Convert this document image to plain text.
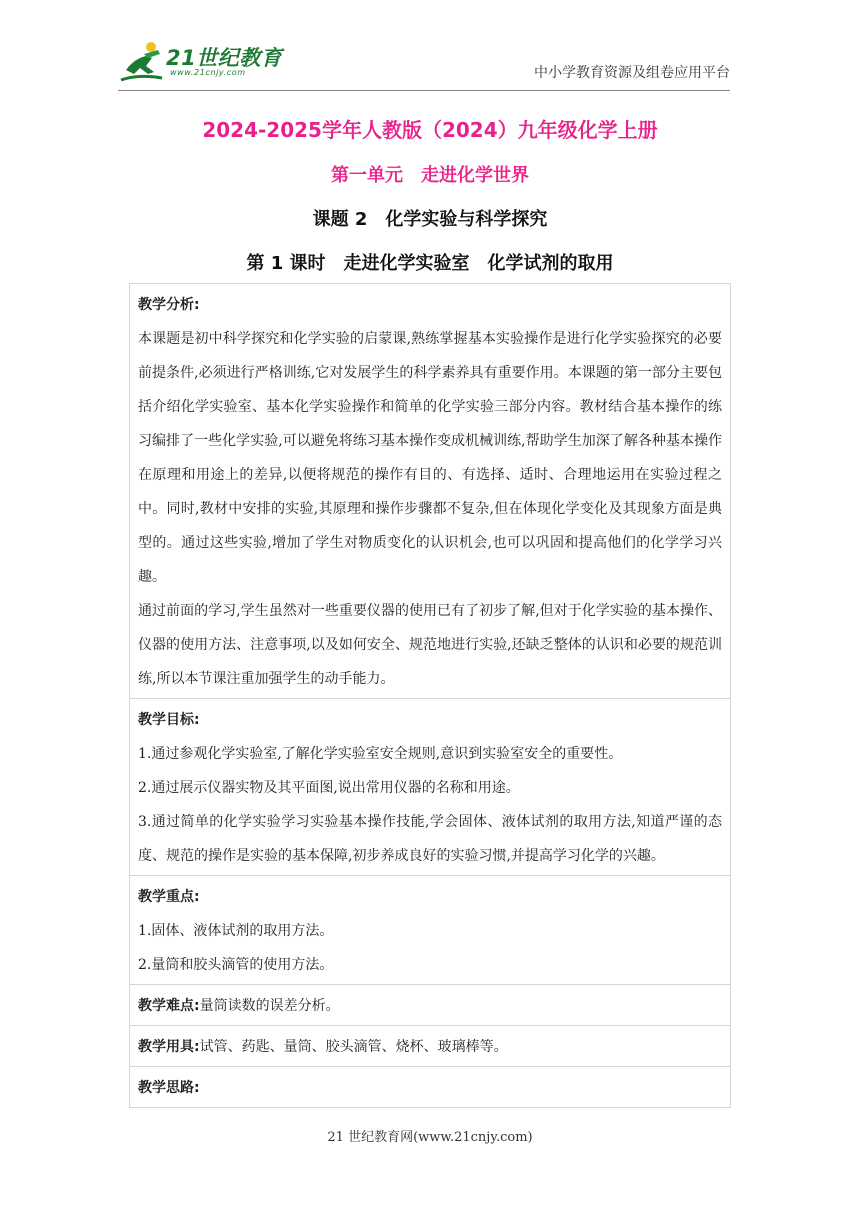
21世纪教育
www.21cnjy.com	中小学教育资源及组卷应用平台
2024-2025学年人教版（2024）九年级化学上册
第一单元　走进化学世界
课题 2　化学实验与科学探究
第 1 课时　走进化学实验室　化学试剂的取用

教学分析:

本课题是初中科学探究和化学实验的启蒙课,熟练掌握基本实验操作是进行化学实验探究的必要前提条件,必须进行严格训练,它对发展学生的科学素养具有重要作用。本课题的第一部分主要包括介绍化学实验室、基本化学实验操作和简单的化学实验三部分内容。教材结合基本操作的练习编排了一些化学实验,可以避免将练习基本操作变成机械训练,帮助学生加深了解各种基本操作在原理和用途上的差异,以便将规范的操作有目的、有选择、适时、合理地运用在实验过程之中。同时,教材中安排的实验,其原理和操作步骤都不复杂,但在体现化学变化及其现象方面是典型的。通过这些实验,增加了学生对物质变化的认识机会,也可以巩固和提高他们的化学学习兴趣。

通过前面的学习,学生虽然对一些重要仪器的使用已有了初步了解,但对于化学实验的基本操作、仪器的使用方法、注意事项,以及如何安全、规范地进行实验,还缺乏整体的认识和必要的规范训练,所以本节课注重加强学生的动手能力。

教学目标:

1.通过参观化学实验室,了解化学实验室安全规则,意识到实验室安全的重要性。

2.通过展示仪器实物及其平面图,说出常用仪器的名称和用途。

3.通过简单的化学实验学习实验基本操作技能,学会固体、液体试剂的取用方法,知道严谨的态度、规范的操作是实验的基本保障,初步养成良好的实验习惯,并提高学习化学的兴趣。

教学重点:

1.固体、液体试剂的取用方法。

2.量筒和胶头滴管的使用方法。

教学难点:量筒读数的误差分析。
教学用具:试管、药匙、量筒、胶头滴管、烧杯、玻璃棒等。
教学思路:
21 世纪教育网(www.21cnjy.com)
